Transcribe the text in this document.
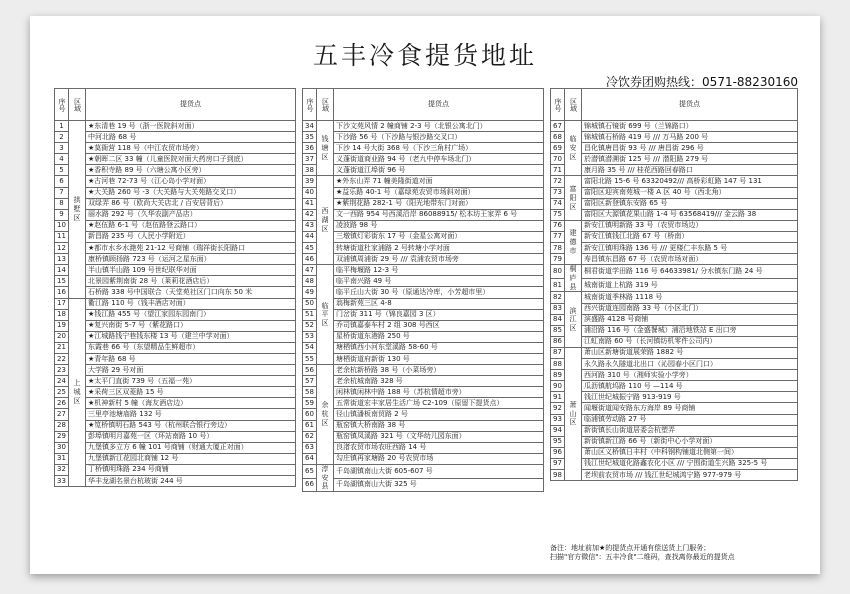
五丰冷食提货地址
冷饮券团购热线：0571-88230160
序号	区域	提货点
1	拱墅区	★东清巷 19 号（浙一医院斜对面）
2		中河北路 68 号
3		★莫衙营 118 号（中江农贸市场旁）
4		★朝晖二区 33 幢（儿童医院对面大药房口子到底）
5		★香积寺路 89 号（六塘公寓小区旁）
6		★古河巷 72-73 号（江心岛小学对面）
7		★大关路 260 号 -3（大关路与大关苑路交叉口）
8		双绿弄 86 号（欧尚大关店北 / 百安居背后）
9		丽水路 292 号（久华农副产品店）
10		★赵伍路 6-1 号（赵伍路登云路口）
11		新昌路 235 号（人民小学附近）
12		★都市水乡水滟苑 21-12 号商铺（瑞祥街长阳路口
13		康桥镇顾扬路 723 号（运河之星东面）
14		半山镇半山路 109 号世纪联华对面
15		北景园紫荆南街 28 号（莱莉花酒店后）
16		石桥路 338 号中国联合（天堂苑社区门口向东 50 米
17	上城区	衢江路 110 号（钱丰酒店对面）
18		★钱江路 455 号（望江家园东园南门）
19		★复兴南街 5-7 号（紫花路口）
20		★江城路钱宁巷钱东楼 13 号（建兰中学对面）
21		东霞巷 66 号（东望精品生鲜超市）
22		★青年路 68 号
23		大学路 29 号对面
24		★太平门直街 739 号（五福一苑）
25		★采荷三区双菱路 15 号
26		★机神新村 5 幢（海友酒店边）
27		三里亭池塘庙路 132 号
28		★笕桥镇明石路 543 号（杭州联合银行旁边）
29		彭埠镇明月嘉苑一区（环站南路 10 号）
30		九堡镇多立方 6 幢 101 号商铺（财通大厦正对面）
31		九堡镇新江花园北商铺 12 号
32		丁桥镇明珠路 234 号商铺
33		华丰龙湖名景台杭玻街 244 号
序号	区域	提货点
34	钱塘区	下沙文苑风情 2 幢商铺 2-3 号（北银公寓北门）
35		下沙路 56 号（下沙路与银沙路交叉口）
36		下沙 14 号大街 368 号（下沙三角村广场）
37		义蓬街道商业路 94 号（老九中停车场北门）
38		义蓬街道江埠街 96 号
39	西湖区	★外东山弄 71 幢美隆街道对面
40		★益乐路 40-1 号（嘉绿苑农贸市场斜对面）
41		★紫荆花路 282-1 号（阳光地带东门对面）
42		文一西路 954 号西溪沿岸 86088915/ 松本坊王家弄 6 号
43		凌波路 98 号
44		三墩镇灯彩街东 17 号（金星公寓对面）
45		转塘街道杜家浦路 2 号转塘小学对面
46		双浦镇周浦街 29 号 /// 袁浦农贸市场旁
47	临平区	临平梅堰路 12-3 号
48		临平南兴路 49 号
49		临平丘山大街 30 号（原通达冷库，小芳超市里）
50		翁梅新苑三区 4-8
51		门岔街 311 号（锦良嘉园 3 区）
52		乔司镇嘉泰车村 2 组 308 号西区
53		星桥街道东港路 250 号
54		塘栖镇西小河东堂溪路 58-60 号
55		塘栖街道府新街 130 号
56	余杭区	老余杭新桥路 38 号（小菜场旁）
57		老余杭城南路 328 号
58		闲林镇闲林中路 188 号（苏杭情超市旁）
59		五常街道宏丰家居生活广场 C2-109（原留下提货点）
60		径山镇潘板南贸路 2 号
61		瓶窑镇大桥南路 38 号
62		瓶窑镇凤溪路 321 号（文华幼儿园东面）
63		良渚农贸市场农旺西路 14 号
64		勾庄镇再家塘路 20 号农贸市场
65	淳安县	千岛湖镇南山大街 605-607 号
66		千岛湖镇南山大街 325 号
序号	区域	提货点
67	临安区	锦城镇石镜街 699 号（兰锦路口）
68		锦城镇石桥路 419 号 /// 万马路 200 号
69		昌化镇唐昌街 93 号 /// 唐昌街 296 号
70		於潜镇潜溯街 125 号 /// 潜阳路 279 号
71		康月路 35 号 /// 桂花西路回春路口
72	富阳区	富阳北路 15-6 号 63320492/// 高桥彩虹路 147 号 131
73		富阳区迎宾南苑城一楼 A 区 40 号（西北角）
74		富阳区新登镇东安路 65 号
75		富阳区大源镇花果山路 1-4 号 63568419/// 金云路 38
76	建德市	新安江镇明新路 33 号（农贸市场边）
77		新安江镇钱江北路 67 号（桥南）
78		新安江镇明珠路 136 号 /// 更楼仁丰东路 5 号
79		寿昌镇东昌路 67 号（农贸市场对面）
80	桐庐县	桐君街道学田路 116 号 64633981/ 分水镇东门路 24 号
81		城南街道上杭路 319 号
82	滨江区	城南街道季林路 1118 号
83		西兴街道连园南路 33 号（小区北门）
84		滨盛路 4128 号商铺
85		浦沿路 116 号（金盛餐城）浦沿地铁站 E 出口旁
86		江虹南路 60 号（长河镇纺机零件公司内）
87	萧山区	萧山区新塘街道展荣路 1882 号
88		永久路永久隧道北出口（沁园春小区门口）
89		西河路 310 号（湘师实验小学旁）
90		瓜沥镇航坞路 110 号 —114 号
91		钱江世纪城振宁路 913-919 号
92		闻堰街道闻安路东方海岸 89 号商铺
93		临浦镇劳动路 27 号
94		新街镇长山街道居委会杭塑弄
95		新街镇新江路 66 号（新街中心小学对面）
96		萧山区义桥镇日丰村（中科钢构铺道北侧第一间）
97		钱江世纪城道化路鑫农化小区 /// 宁围街道生兴路 325-5 号
98		老坝前农贸市场 /// 钱江世纪城鸿宁路 977-979 号
备注：地址前加★的提货点开通有偿送货上门服务；
扫描"官方微信"：五丰冷食"二维码，查找离你最近的提货点
